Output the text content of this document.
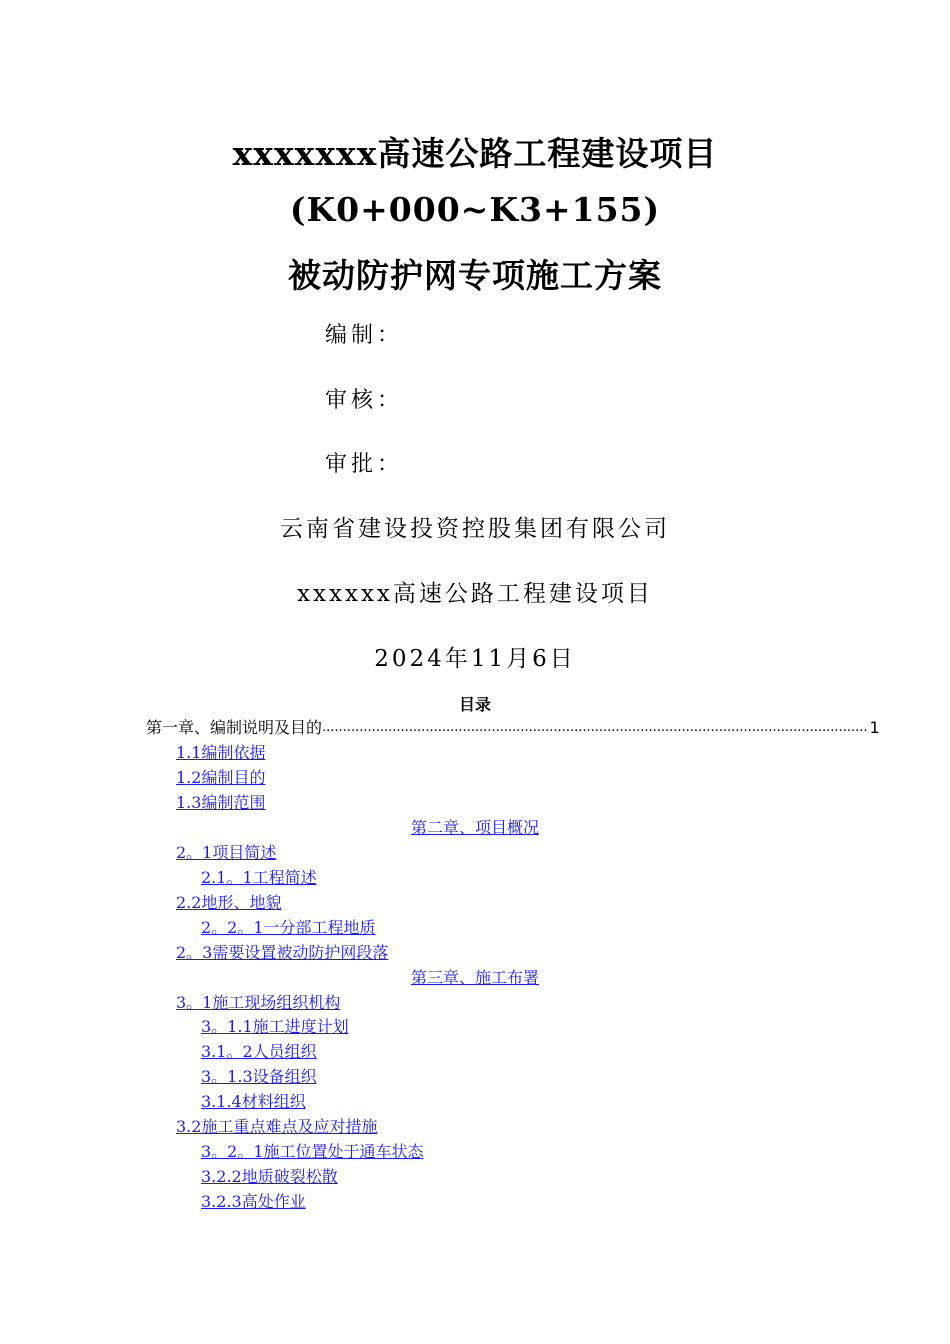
xxxxxxx高速公路工程建设项目
(K0+000~K3+155)
被动防护网专项施工方案
编制：
审核：
审批：
云南省建设投资控股集团有限公司
xxxxxx高速公路工程建设项目
2024年11月6日
目录
第一章、编制说明及目的 .................................................................................................................................... 1
1.1编制依据
1.2编制目的
1.3编制范围
第二章、项目概况
2。1项目简述
2.1。1工程简述
2.2地形、地貌
2。2。1一分部工程地质
2。3需要设置被动防护网段落
第三章、施工布署
3。1施工现场组织机构
3。1.1施工进度计划
3.1。2人员组织
3。1.3设备组织
3.1.4材料组织
3.2施工重点难点及应对措施
3。2。1施工位置处于通车状态
3.2.2地质破裂松散
3.2.3高处作业
